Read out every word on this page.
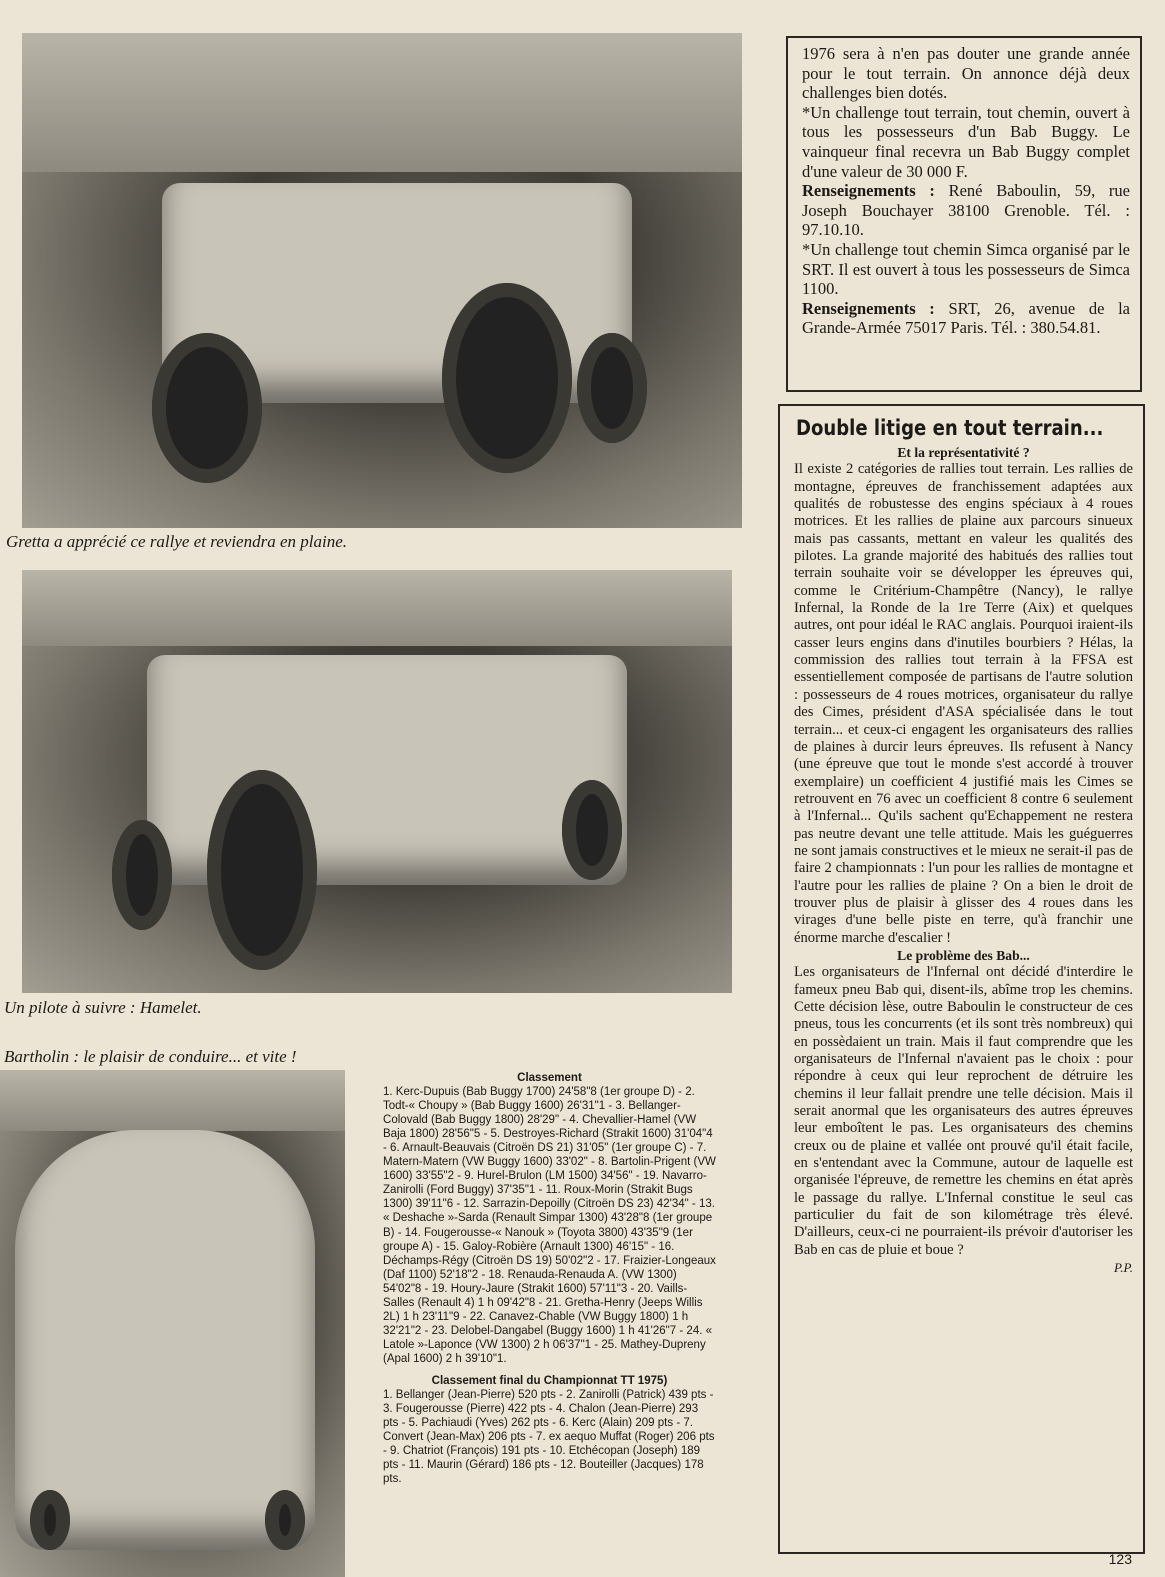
Gretta a apprécié ce rallye et reviendra en plaine.
Un pilote à suivre : Hamelet.
Bartholin : le plaisir de conduire... et vite !

Classement

1. Kerc-Dupuis (Bab Buggy 1700) 24'58"8 (1er groupe D) - 2. Todt-« Choupy » (Bab Buggy 1600) 26'31"1 - 3. Bellanger-Colovald (Bab Buggy 1800) 28'29" - 4. Chevallier-Hamel (VW Baja 1800) 28'56"5 - 5. Destroyes-Richard (Strakit 1600) 31'04"4 - 6. Arnault-Beauvais (Citroën DS 21) 31'05" (1er groupe C) - 7. Matern-Matern (VW Buggy 1600) 33'02" - 8. Bartolin-Prigent (VW 1600) 33'55"2 - 9. Hurel-Brulon (LM 1500) 34'56" - 19. Navarro-Zanirolli (Ford Buggy) 37'35"1 - 11. Roux-Morin (Strakit Bugs 1300) 39'11"6 - 12. Sarrazin-Depoilly (Citroën DS 23) 42'34" - 13. « Deshache »-Sarda (Renault Simpar 1300) 43'28"8 (1er groupe B) - 14. Fougerousse-« Nanouk » (Toyota 3800) 43'35"9 (1er groupe A) - 15. Galoy-Robière (Arnault 1300) 46'15" - 16. Déchamps-Régy (Citroën DS 19) 50'02"2 - 17. Fraizier-Longeaux (Daf 1100) 52'18"2 - 18. Renauda-Renauda A. (VW 1300) 54'02"8 - 19. Houry-Jaure (Strakit 1600) 57'11"3 - 20. Vaills-Salles (Renault 4) 1 h 09'42"8 - 21. Gretha-Henry (Jeeps Willis 2L) 1 h 23'11"9 - 22. Canavez-Chable (VW Buggy 1800) 1 h 32'21"2 - 23. Delobel-Dangabel (Buggy 1600) 1 h 41'26"7 - 24. « Latole »-Laponce (VW 1300) 2 h 06'37"1 - 25. Mathey-Dupreny (Apal 1600) 2 h 39'10"1.

Classement final du Championnat TT 1975)

1. Bellanger (Jean-Pierre) 520 pts - 2. Zanirolli (Patrick) 439 pts - 3. Fougerousse (Pierre) 422 pts - 4. Chalon (Jean-Pierre) 293 pts - 5. Pachiaudi (Yves) 262 pts - 6. Kerc (Alain) 209 pts - 7. Convert (Jean-Max) 206 pts - 7. ex aequo Muffat (Roger) 206 pts - 9. Chatriot (François) 191 pts - 10. Etchécopan (Joseph) 189 pts - 11. Maurin (Gérard) 186 pts - 12. Bouteiller (Jacques) 178 pts.

1976 sera à n'en pas douter une grande année pour le tout terrain. On annonce déjà deux challenges bien dotés.

*Un challenge tout terrain, tout chemin, ouvert à tous les possesseurs d'un Bab Buggy. Le vainqueur final recevra un Bab Buggy complet d'une valeur de 30 000 F.

Renseignements : René Baboulin, 59, rue Joseph Bouchayer 38100 Grenoble. Tél. : 97.10.10.

*Un challenge tout chemin Simca organisé par le SRT. Il est ouvert à tous les possesseurs de Simca 1100.

Renseignements : SRT, 26, avenue de la Grande-Armée 75017 Paris. Tél. : 380.54.81.

Double litige en tout terrain...

Et la représentativité ?

Il existe 2 catégories de rallies tout terrain. Les rallies de montagne, épreuves de franchissement adaptées aux qualités de robustesse des engins spéciaux à 4 roues motrices. Et les rallies de plaine aux parcours sinueux mais pas cassants, mettant en valeur les qualités des pilotes. La grande majorité des habitués des rallies tout terrain souhaite voir se développer les épreuves qui, comme le Critérium-Champêtre (Nancy), le rallye Infernal, la Ronde de la 1re Terre (Aix) et quelques autres, ont pour idéal le RAC anglais. Pourquoi iraient-ils casser leurs engins dans d'inutiles bourbiers ? Hélas, la commission des rallies tout terrain à la FFSA est essentiellement composée de partisans de l'autre solution : possesseurs de 4 roues motrices, organisateur du rallye des Cimes, président d'ASA spécialisée dans le tout terrain... et ceux-ci engagent les organisateurs des rallies de plaines à durcir leurs épreuves. Ils refusent à Nancy (une épreuve que tout le monde s'est accordé à trouver exemplaire) un coefficient 4 justifié mais les Cimes se retrouvent en 76 avec un coefficient 8 contre 6 seulement à l'Infernal... Qu'ils sachent qu'Echappement ne restera pas neutre devant une telle attitude. Mais les guéguerres ne sont jamais constructives et le mieux ne serait-il pas de faire 2 championnats : l'un pour les rallies de montagne et l'autre pour les rallies de plaine ? On a bien le droit de trouver plus de plaisir à glisser des 4 roues dans les virages d'une belle piste en terre, qu'à franchir une énorme marche d'escalier !

Le problème des Bab...

Les organisateurs de l'Infernal ont décidé d'interdire le fameux pneu Bab qui, disent-ils, abîme trop les chemins. Cette décision lèse, outre Baboulin le constructeur de ces pneus, tous les concurrents (et ils sont très nombreux) qui en possèdaient un train. Mais il faut comprendre que les organisateurs de l'Infernal n'avaient pas le choix : pour répondre à ceux qui leur reprochent de détruire les chemins il leur fallait prendre une telle décision. Mais il serait anormal que les organisateurs des autres épreuves leur emboîtent le pas. Les organisateurs des chemins creux ou de plaine et vallée ont prouvé qu'il était facile, en s'entendant avec la Commune, autour de laquelle est organisée l'épreuve, de remettre les chemins en état après le passage du rallye. L'Infernal constitue le seul cas particulier du fait de son kilométrage très élevé. D'ailleurs, ceux-ci ne pourraient-ils prévoir d'autoriser les Bab en cas de pluie et boue ?

P.P.

123
